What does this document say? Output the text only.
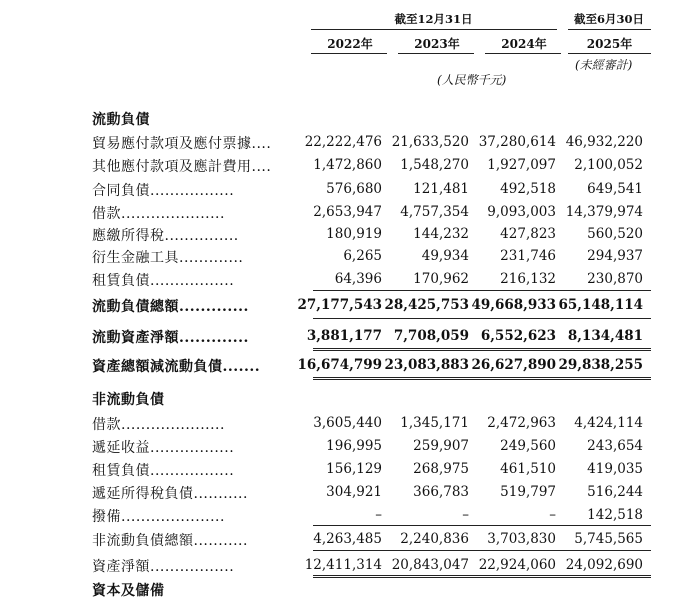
截至12月31日	截至6月30日
2022年	2023年	2024年	2025年
(未經審計)
(人民幣千元)
流動負債
貿易應付款項及應付票據....	22,222,476 21,633,520 37,280,614 46,932,220
其他應付款項及應計費用....	1,472,860	1,548,270	1,927,097	2,100,052
合同負債.................	576,680	121,481	492,518	649,541
借款.....................	2,653,947	4,757,354	9,093,003 14,379,974
應繳所得稅...............	180,919	144,232	427,823	560,520
衍生金融工具.............	6,265	49,934	231,746	294,937
租賃負債.................	64,396	170,962	216,132	230,870
流動負債總額.............	27,177,543 28,425,753 49,668,933 65,148,114
流動資產淨額.............	3,881,177 7,708,059 6,552,623 8,134,481
資產總額減流動負債.......	16,674,799 23,083,883 26,627,890 29,838,255
非流動負債
借款.....................	3,605,440	1,345,171	2,472,963	4,424,114
遞延收益.................	196,995	259,907	249,560	243,654
租賃負債.................	156,129	268,975	461,510	419,035
遞延所得稅負債...........	304,921	366,783	519,797	516,244
撥備.....................	–	–	–	142,518
非流動負債總額...........	4,263,485	2,240,836	3,703,830	5,745,565
資產淨額.................	12,411,314 20,843,047 22,924,060 24,092,690
資本及儲備
